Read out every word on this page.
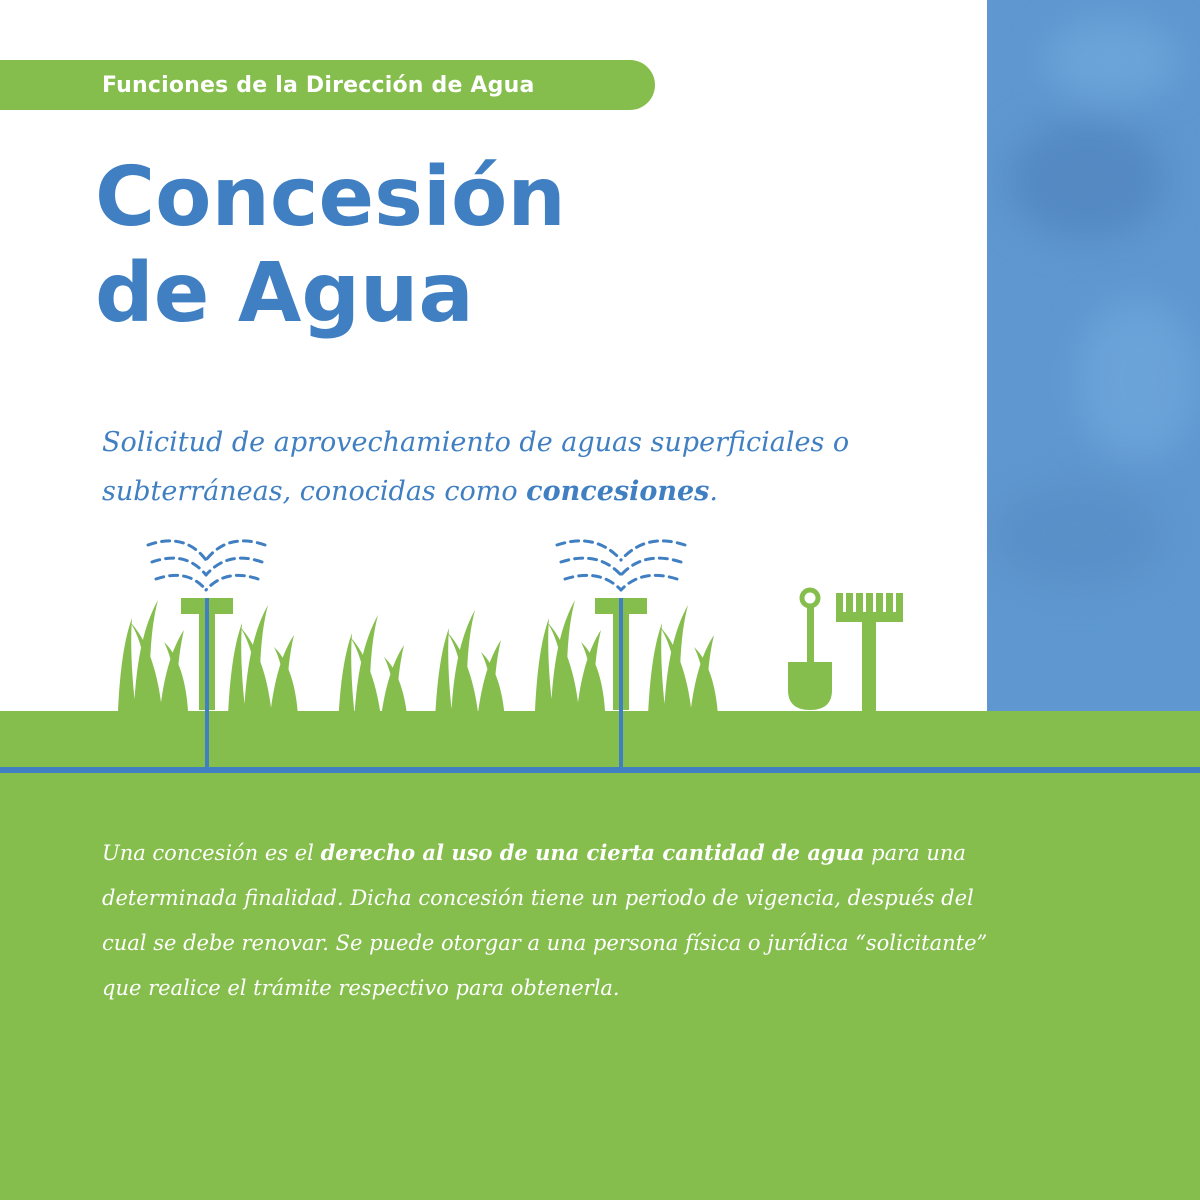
Funciones de la Dirección de Agua
Concesión
de Agua

Solicitud de aprovechamiento de aguas superficiales o subterráneas, conocidas como concesiones.

Una concesión es el derecho al uso de una cierta cantidad de agua para una determinada finalidad. Dicha concesión tiene un periodo de vigencia, después del cual se debe renovar. Se puede otorgar a una persona física o jurídica “solicitante” que realice el trámite respectivo para obtenerla.
